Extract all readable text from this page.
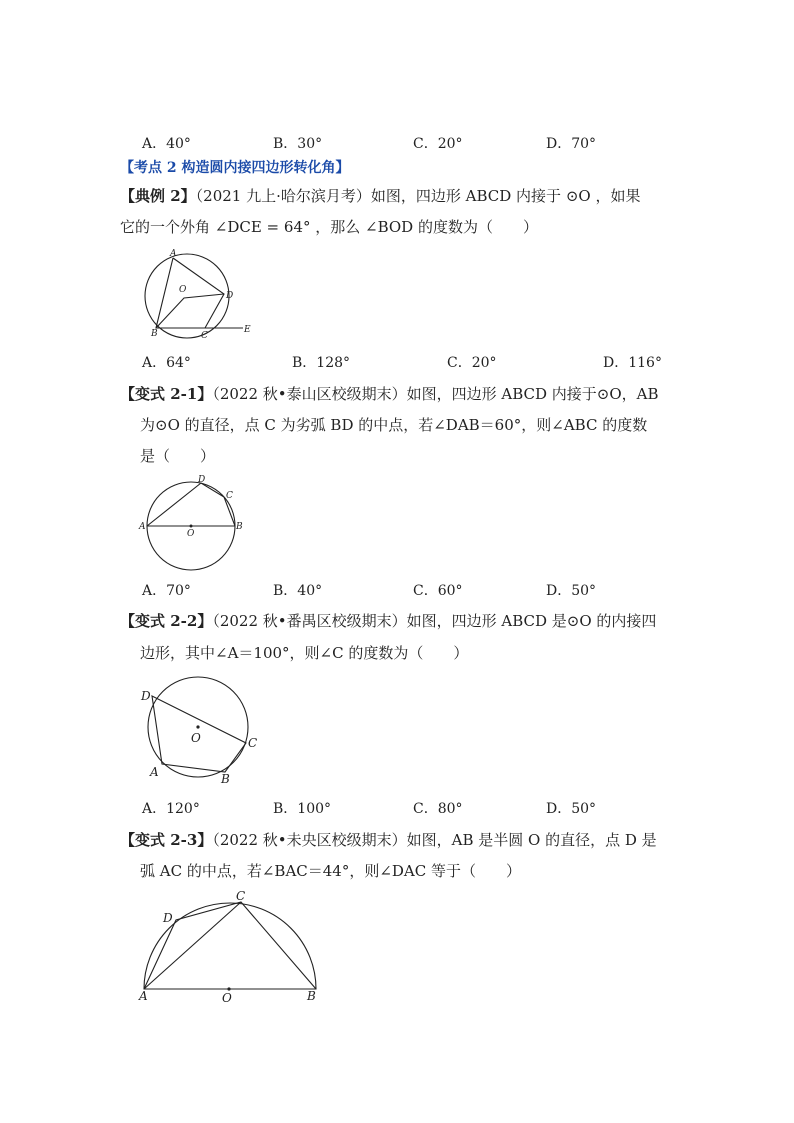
A．40°	B．30°	C．20°	D．70°
【考点 2 构造圆内接四边形转化角】
【典例 2】（2021 九上·哈尔滨月考）如图，四边形 ABCD 内接于 ⊙O ，如果
它的一个外角 ∠DCE = 64° ，那么 ∠BOD 的度数为（　　）
A
O
D
B	C
E
A．64°	B．128°	C．20°	D．116°
【变式 2-1】（2022 秋•泰山区校级期末）如图，四边形 ABCD 内接于⊙O，AB
为⊙O 的直径，点 C 为劣弧 BD 的中点，若∠DAB＝60°，则∠ABC 的度数
是（　　）
A	B
C
D
O
A．70°	B．40°	C．60°	D．50°
【变式 2-2】（2022 秋•番禺区校级期末）如图，四边形 ABCD 是⊙O 的内接四
边形，其中∠A＝100°，则∠C 的度数为（　　）
D
C
B
A
O
A．120°	B．100°	C．80°	D．50°
【变式 2-3】（2022 秋•未央区校级期末）如图，AB 是半圆 O 的直径，点 D 是
弧 AC 的中点，若∠BAC＝44°，则∠DAC 等于（　　）
A	B
C
D
O
